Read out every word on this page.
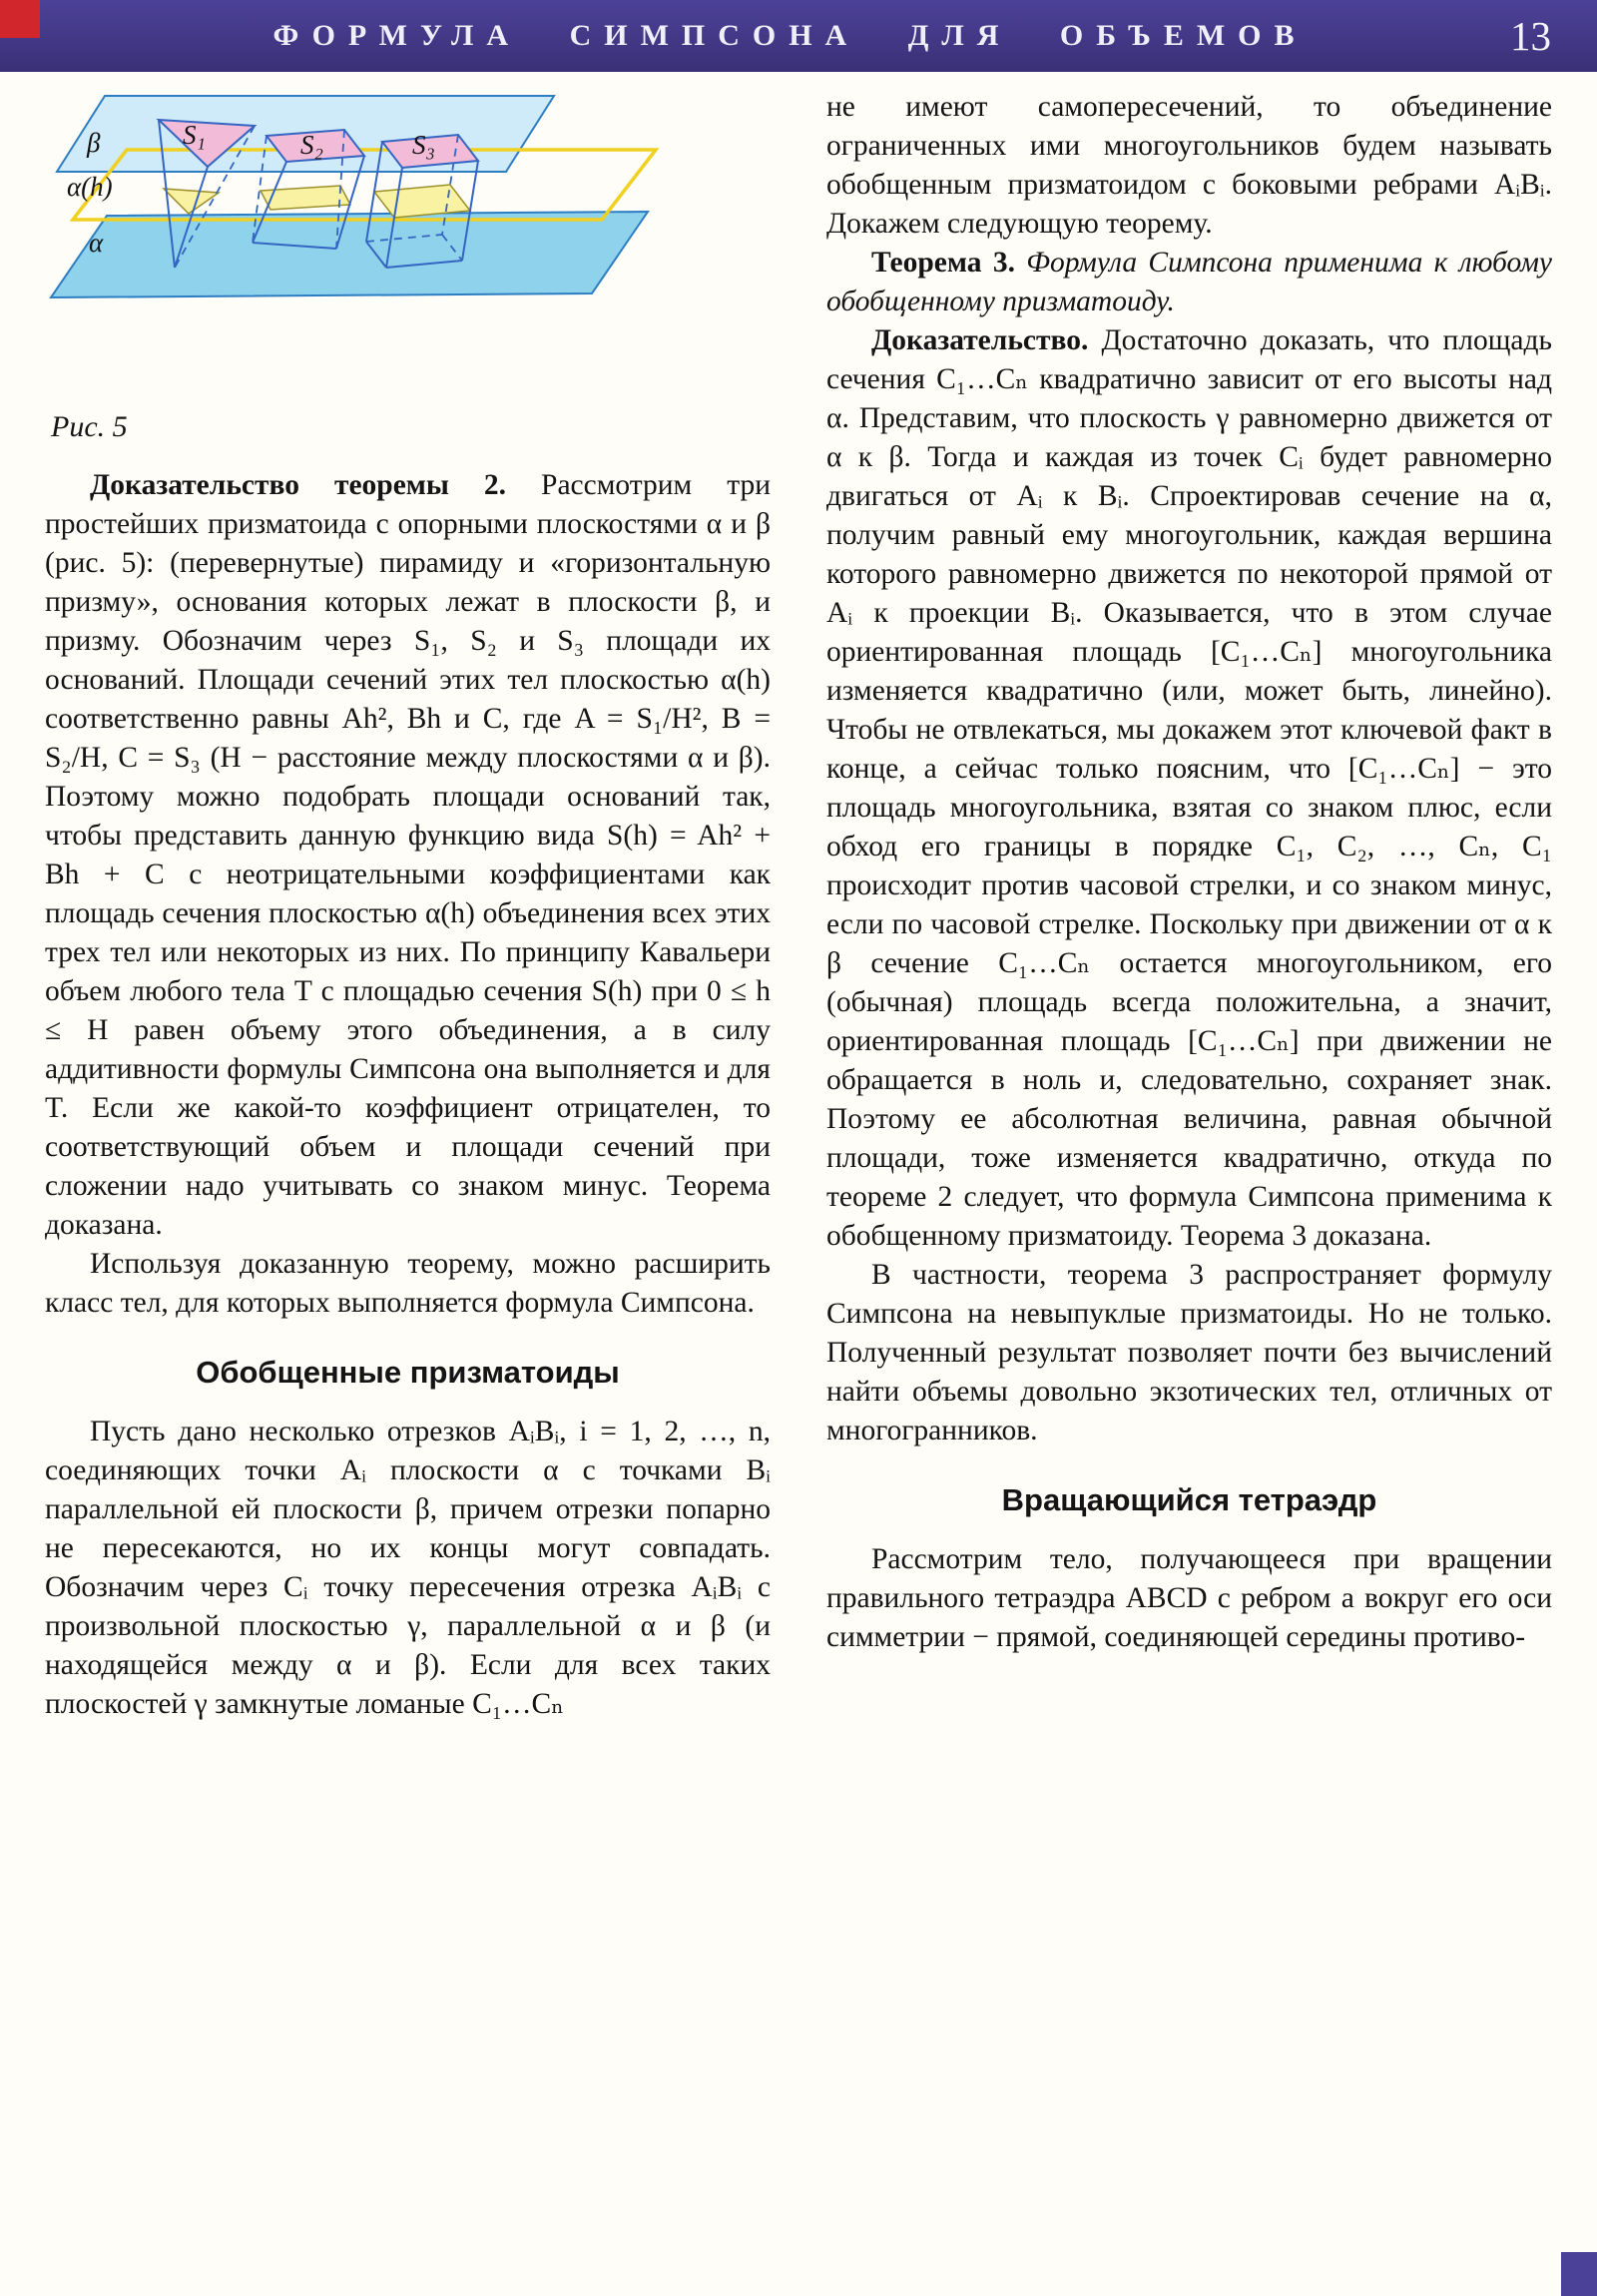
ФОРМУЛА СИМПСОНА ДЛЯ ОБЪЕМОВ	13
β
α(h)
α
S₁	S₂	S₃
Рис. 5

Доказательство теоремы 2. Рассмотрим три простейших призматоида с опорными плоскостями α и β (рис. 5): (перевернутые) пирамиду и «горизонтальную призму», основания которых лежат в плоскости β, и призму. Обозначим через S₁, S₂ и S₃ площади их оснований. Площади сечений этих тел плоскостью α(h) соответственно равны Ah², Bh и C, где A = S₁/H², B = S₂/H, C = S₃ (H − расстояние между плоскостями α и β). Поэтому можно подобрать площади оснований так, чтобы представить данную функцию вида S(h) = Ah² + Bh + C с неотрицательными коэффициентами как площадь сечения плоскостью α(h) объединения всех этих трех тел или некоторых из них. По принципу Кавальери объем любого тела T с площадью сечения S(h) при 0 ≤ h ≤ H равен объему этого объединения, а в силу аддитивности формулы Симпсона она выполняется и для T. Если же какой-то коэффициент отрицателен, то соответствующий объем и площади сечений при сложении надо учитывать со знаком минус. Теорема доказана.

Используя доказанную теорему, можно расширить класс тел, для которых выполняется формула Симпсона.

Обобщенные призматоиды

Пусть дано несколько отрезков AᵢBᵢ, i = 1, 2, …, n, соединяющих точки Aᵢ плоскости α с точками Bᵢ параллельной ей плоскости β, причем отрезки попарно не пересекаются, но их концы могут совпадать. Обозначим через Cᵢ точку пересечения отрезка AᵢBᵢ с произвольной плоскостью γ, параллельной α и β (и находящейся между α и β). Если для всех таких плоскостей γ замкнутые ломаные C₁…Cₙ

не имеют самопересечений, то объединение ограниченных ими многоугольников будем называть обобщенным призматоидом с боковыми ребрами AᵢBᵢ. Докажем следующую теорему.

Теорема 3. Формула Симпсона применима к любому обобщенному призматоиду.

Доказательство. Достаточно доказать, что площадь сечения C₁…Cₙ квадратично зависит от его высоты над α. Представим, что плоскость γ равномерно движется от α к β. Тогда и каждая из точек Cᵢ будет равномерно двигаться от Aᵢ к Bᵢ. Спроектировав сечение на α, получим равный ему многоугольник, каждая вершина которого равномерно движется по некоторой прямой от Aᵢ к проекции Bᵢ. Оказывается, что в этом случае ориентированная площадь [C₁…Cₙ] многоугольника изменяется квадратично (или, может быть, линейно). Чтобы не отвлекаться, мы докажем этот ключевой факт в конце, а сейчас только поясним, что [C₁…Cₙ] − это площадь многоугольника, взятая со знаком плюс, если обход его границы в порядке C₁, C₂, …, Cₙ, C₁ происходит против часовой стрелки, и со знаком минус, если по часовой стрелке. Поскольку при движении от α к β сечение C₁…Cₙ остается многоугольником, его (обычная) площадь всегда положительна, а значит, ориентированная площадь [C₁…Cₙ] при движении не обращается в ноль и, следовательно, сохраняет знак. Поэтому ее абсолютная величина, равная обычной площади, тоже изменяется квадратично, откуда по теореме 2 следует, что формула Симпсона применима к обобщенному призматоиду. Теорема 3 доказана.

В частности, теорема 3 распространяет формулу Симпсона на невыпуклые призматоиды. Но не только. Полученный результат позволяет почти без вычислений найти объемы довольно экзотических тел, отличных от многогранников.

Вращающийся тетраэдр

Рассмотрим тело, получающееся при вращении правильного тетраэдра ABCD с ребром a вокруг его оси симметрии − прямой, соединяющей середины противо-
